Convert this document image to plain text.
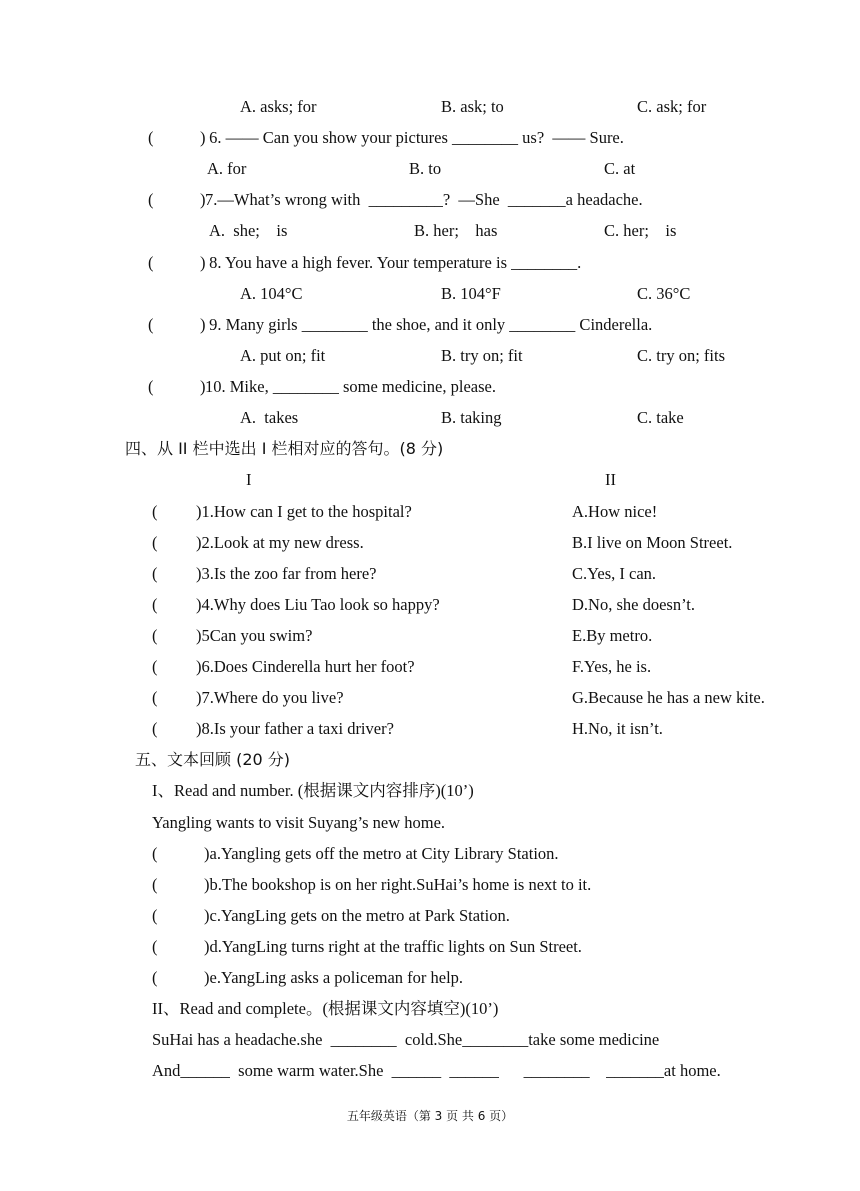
A. asks; for	B. ask; to	C. ask; for
(	) 6. —— Can you show your pictures ________ us?  —— Sure.
A. for	B. to	C. at
(	) 7.—What’s wrong with  _________?  —She  _______a headache.
A.  she;    is	B. her;    has	C. her;    is
(	) 8. You have a high fever. Your temperature is ________.
A. 104°C	B. 104°F	C. 36°C
(	) 9. Many girls ________ the shoe, and it only ________ Cinderella.
A. put on; fit	B. try on; fit	C. try on; fits
(	) 10. Mike, ________ some medicine, please.
A.  takes	B. taking	C. take
四、从 II 栏中选出 I 栏相对应的答句。(8 分)
I	II
( )1.How can I get to the hospital?	A.How nice!
( )2.Look at my new dress.	B.I live on Moon Street.
( )3.Is the zoo far from here?	C.Yes, I can.
( )4.Why does Liu Tao look so happy?	D.No, she doesn’t.
( )5Can you swim?	E.By metro.
( )6.Does Cinderella hurt her foot?	F.Yes, he is.
( )7.Where do you live?	G.Because he has a new kite.
( )8.Is your father a taxi driver?	H.No, it isn’t.
五、文本回顾 (20 分)
I、Read and number. (根据课文内容排序)(10’)
Yangling wants to visit Suyang’s new home.
(	)a.Yangling gets off the metro at City Library Station.
(	)b.The bookshop is on her right.SuHai’s home is next to it.
(	)c.YangLing gets on the metro at Park Station.
(	)d.YangLing turns right at the traffic lights on Sun Street.
(	)e.YangLing asks a policeman for help.
II、Read and complete。(根据课文内容填空)(10’)
SuHai has a headache.she  ________  cold.She________take some medicine
And______  some warm water.She  ______  ______      ________    _______at home.
五年级英语（第 3 页 共 6 页）
